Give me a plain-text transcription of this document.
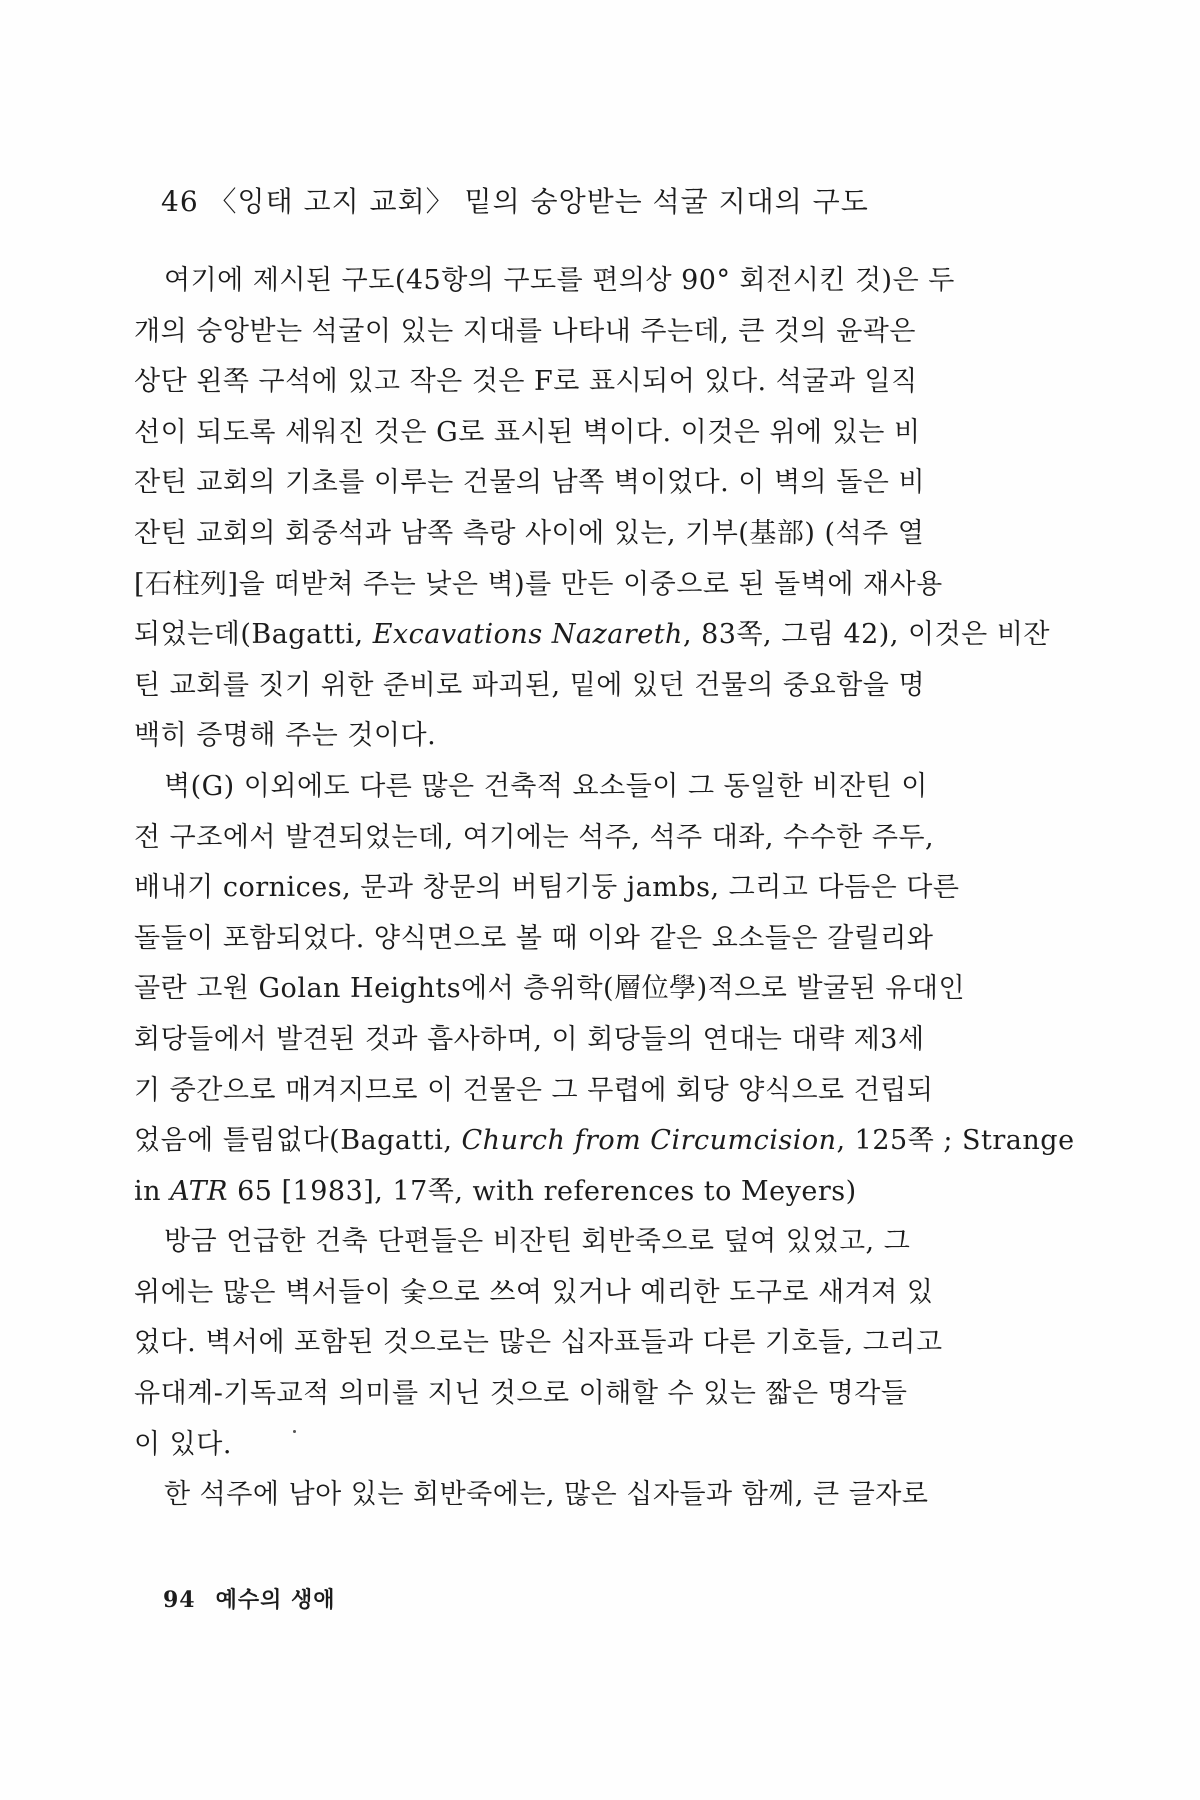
46 〈잉태 고지 교회〉 밑의 숭앙받는 석굴 지대의 구도
여기에 제시된 구도(45항의 구도를 편의상 90° 회전시킨 것)은 두
개의 숭앙받는 석굴이 있는 지대를 나타내 주는데, 큰 것의 윤곽은
상단 왼쪽 구석에 있고 작은 것은 F로 표시되어 있다. 석굴과 일직
선이 되도록 세워진 것은 G로 표시된 벽이다. 이것은 위에 있는 비
잔틴 교회의 기초를 이루는 건물의 남쪽 벽이었다. 이 벽의 돌은 비
잔틴 교회의 회중석과 남쪽 측랑 사이에 있는, 기부(基部) (석주 열
[石柱列]을 떠받쳐 주는 낮은 벽)를 만든 이중으로 된 돌벽에 재사용
되었는데(Bagatti, Excavations Nazareth, 83쪽, 그림 42), 이것은 비잔
틴 교회를 짓기 위한 준비로 파괴된, 밑에 있던 건물의 중요함을 명
백히 증명해 주는 것이다.
벽(G) 이외에도 다른 많은 건축적 요소들이 그 동일한 비잔틴 이
전 구조에서 발견되었는데, 여기에는 석주, 석주 대좌, 수수한 주두,
배내기 cornices, 문과 창문의 버팀기둥 jambs, 그리고 다듬은 다른
돌들이 포함되었다. 양식면으로 볼 때 이와 같은 요소들은 갈릴리와
골란 고원 Golan Heights에서 층위학(層位學)적으로 발굴된 유대인
회당들에서 발견된 것과 흡사하며, 이 회당들의 연대는 대략 제3세
기 중간으로 매겨지므로 이 건물은 그 무렵에 회당 양식으로 건립되
었음에 틀림없다(Bagatti, Church from Circumcision, 125쪽 ; Strange
in ATR 65 [1983], 17쪽, with references to Meyers)
방금 언급한 건축 단편들은 비잔틴 회반죽으로 덮여 있었고, 그
위에는 많은 벽서들이 숯으로 쓰여 있거나 예리한 도구로 새겨져 있
었다. 벽서에 포함된 것으로는 많은 십자표들과 다른 기호들, 그리고
유대계-기독교적 의미를 지닌 것으로 이해할 수 있는 짧은 명각들
이 있다.
한 석주에 남아 있는 회반죽에는, 많은 십자들과 함께, 큰 글자로
94 예수의 생애
